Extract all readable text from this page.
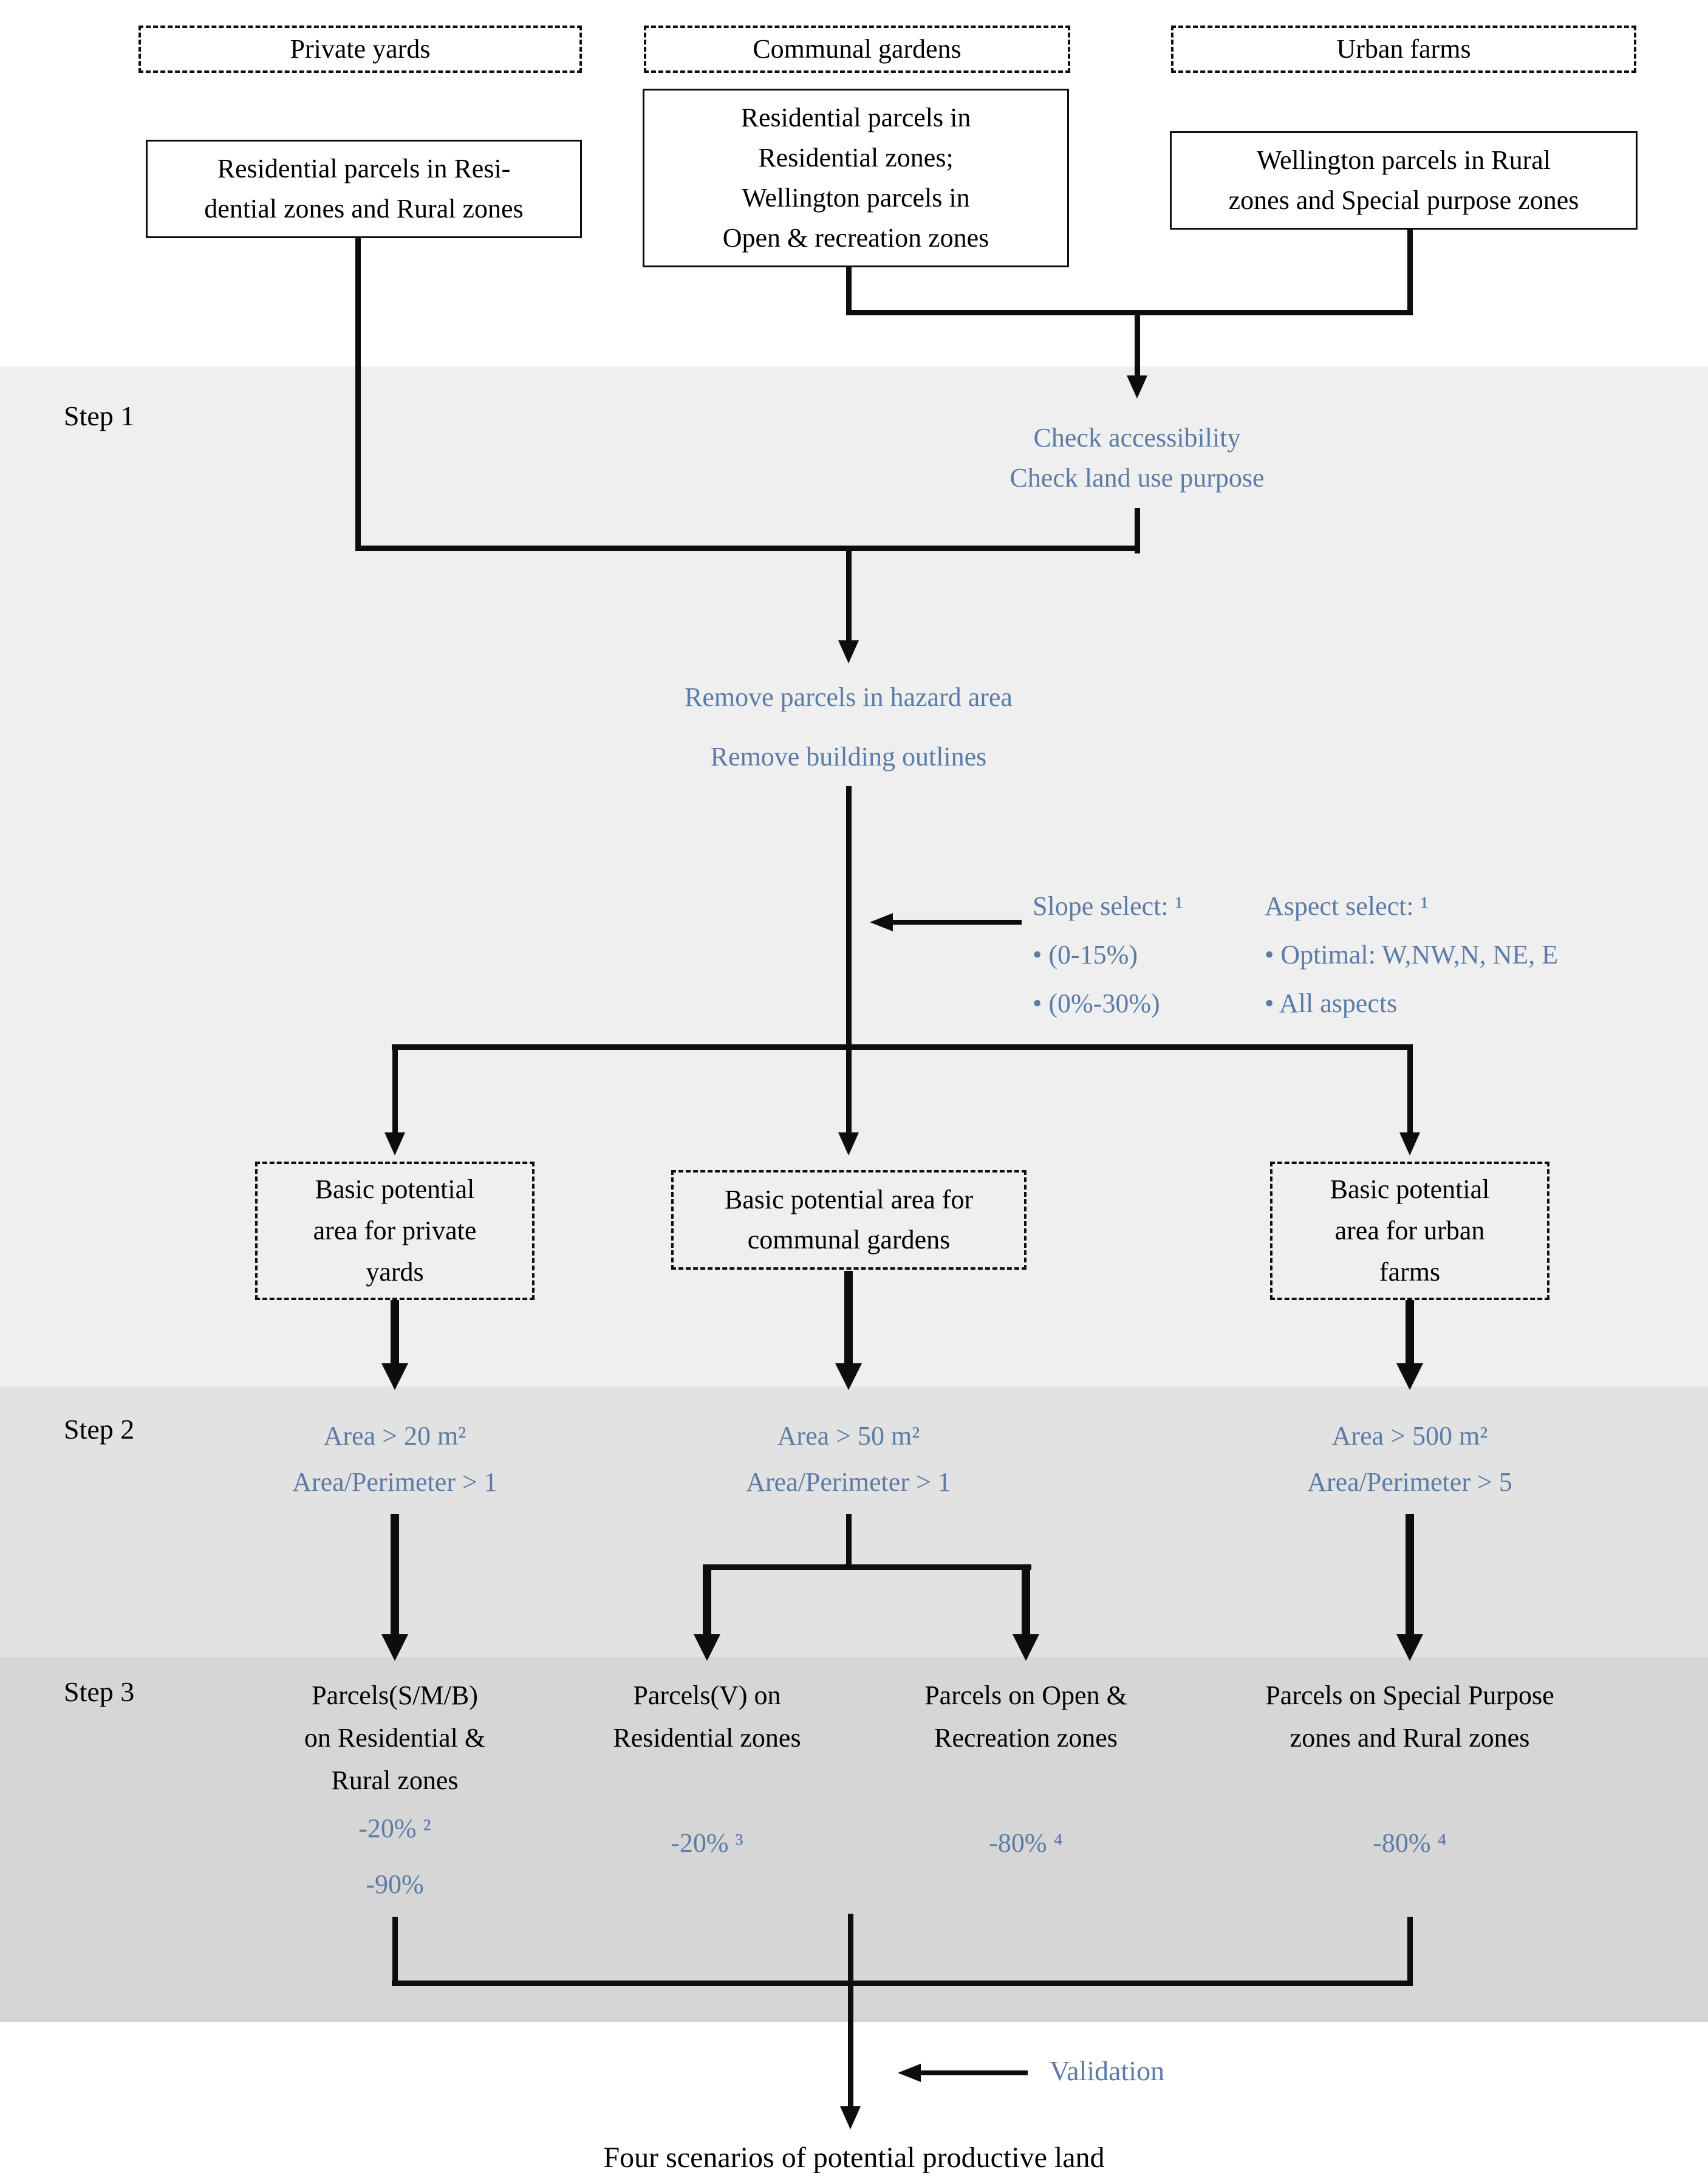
Step 1
Step 2
Step 3
Private yards	Communal gardens	Urban farms
Residential parcels in Resi-
dential zones and Rural zones
Residential parcels in
Residential zones;
Wellington parcels in
Open & recreation zones
Wellington parcels in Rural
zones and Special purpose zones
Check accessibility
Check land use purpose
Remove parcels in hazard area
Remove building outlines
Slope select: ¹
• (0-15%)
• (0%-30%)
Aspect select: ¹
• Optimal: W,NW,N, NE, E
• All aspects
Basic potential
area for private
yards
Basic potential area for
communal gardens
Basic potential
area for urban
farms
Area > 20 m²
Area/Perimeter > 1
Area > 50 m²
Area/Perimeter > 1
Area > 500 m²
Area/Perimeter > 5
Parcels(S/M/B)
on Residential &
Rural zones
Parcels(V) on
Residential zones
Parcels on Open &
Recreation zones
Parcels on Special Purpose
zones and Rural zones
-20% ²
-90%
-20% ³	-80% ⁴	-80% ⁴
Validation
Four scenarios of potential productive land
